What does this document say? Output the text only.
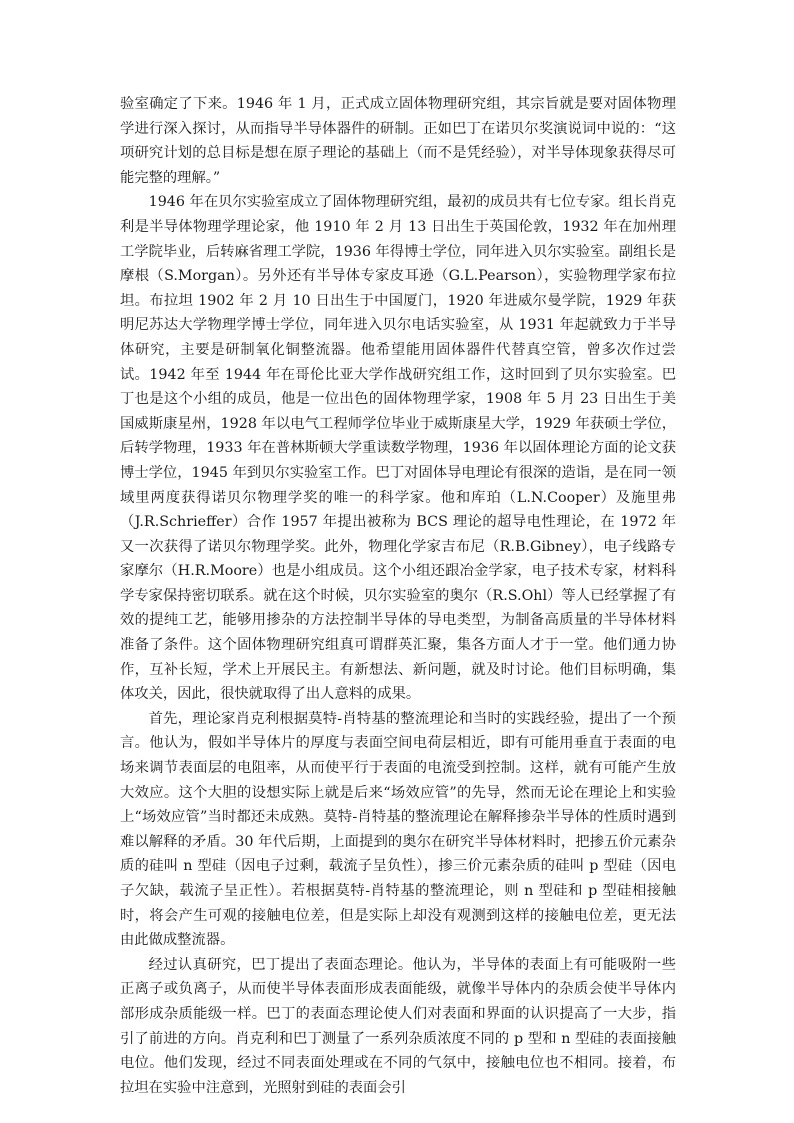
验室确定了下来。1946 年 1 月，正式成立固体物理研究组，其宗旨就是要对固体物理学进行深入探讨，从而指导半导体器件的研制。正如巴丁在诺贝尔奖演说词中说的：“这项研究计划的总目标是想在原子理论的基础上（而不是凭经验），对半导体现象获得尽可能完整的理解。”

1946 年在贝尔实验室成立了固体物理研究组，最初的成员共有七位专家。组长肖克利是半导体物理学理论家，他 1910 年 2 月 13 日出生于英国伦敦，1932 年在加州理工学院毕业，后转麻省理工学院，1936 年得博士学位，同年进入贝尔实验室。副组长是摩根（S.Morgan）。另外还有半导体专家皮耳逊（G.L.Pearson），实验物理学家布拉坦。布拉坦 1902 年 2 月 10 日出生于中国厦门，1920 年进威尔曼学院，1929 年获明尼苏达大学物理学博士学位，同年进入贝尔电话实验室，从 1931 年起就致力于半导体研究，主要是研制氧化铜整流器。他希望能用固体器件代替真空管，曾多次作过尝试。1942 年至 1944 年在哥伦比亚大学作战研究组工作，这时回到了贝尔实验室。巴丁也是这个小组的成员，他是一位出色的固体物理学家，1908 年 5 月 23 日出生于美国威斯康星州，1928 年以电气工程师学位毕业于威斯康星大学，1929 年获硕士学位，后转学物理，1933 年在普林斯顿大学重读数学物理，1936 年以固体理论方面的论文获博士学位，1945 年到贝尔实验室工作。巴丁对固体导电理论有很深的造诣，是在同一领域里两度获得诺贝尔物理学奖的唯一的科学家。他和库珀（L.N.Cooper）及施里弗（J.R.Schrieffer）合作 1957 年提出被称为 BCS 理论的超导电性理论，在 1972 年又一次获得了诺贝尔物理学奖。此外，物理化学家吉布尼（R.B.Gibney），电子线路专家摩尔（H.R.Moore）也是小组成员。这个小组还跟冶金学家，电子技术专家，材料科学专家保持密切联系。就在这个时候，贝尔实验室的奥尔（R.S.Ohl）等人已经掌握了有效的提纯工艺，能够用掺杂的方法控制半导体的导电类型，为制备高质量的半导体材料准备了条件。这个固体物理研究组真可谓群英汇聚，集各方面人才于一堂。他们通力协作，互补长短，学术上开展民主。有新想法、新问题，就及时讨论。他们目标明确，集体攻关，因此，很快就取得了出人意料的成果。

首先，理论家肖克利根据莫特-肖特基的整流理论和当时的实践经验，提出了一个预言。他认为，假如半导体片的厚度与表面空间电荷层相近，即有可能用垂直于表面的电场来调节表面层的电阻率，从而使平行于表面的电流受到控制。这样，就有可能产生放大效应。这个大胆的设想实际上就是后来“场效应管”的先导，然而无论在理论上和实验上“场效应管”当时都还未成熟。莫特-肖特基的整流理论在解释掺杂半导体的性质时遇到难以解释的矛盾。30 年代后期，上面提到的奥尔在研究半导体材料时，把掺五价元素杂质的硅叫 n 型硅（因电子过剩，载流子呈负性），掺三价元素杂质的硅叫 p 型硅（因电子欠缺，载流子呈正性）。若根据莫特-肖特基的整流理论，则 n 型硅和 p 型硅相接触时，将会产生可观的接触电位差，但是实际上却没有观测到这样的接触电位差，更无法由此做成整流器。

经过认真研究，巴丁提出了表面态理论。他认为，半导体的表面上有可能吸附一些正离子或负离子，从而使半导体表面形成表面能级，就像半导体内的杂质会使半导体内部形成杂质能级一样。巴丁的表面态理论使人们对表面和界面的认识提高了一大步，指引了前进的方向。肖克利和巴丁测量了一系列杂质浓度不同的 p 型和 n 型硅的表面接触电位。他们发现，经过不同表面处理或在不同的气氛中，接触电位也不相同。接着，布拉坦在实验中注意到，光照射到硅的表面会引
